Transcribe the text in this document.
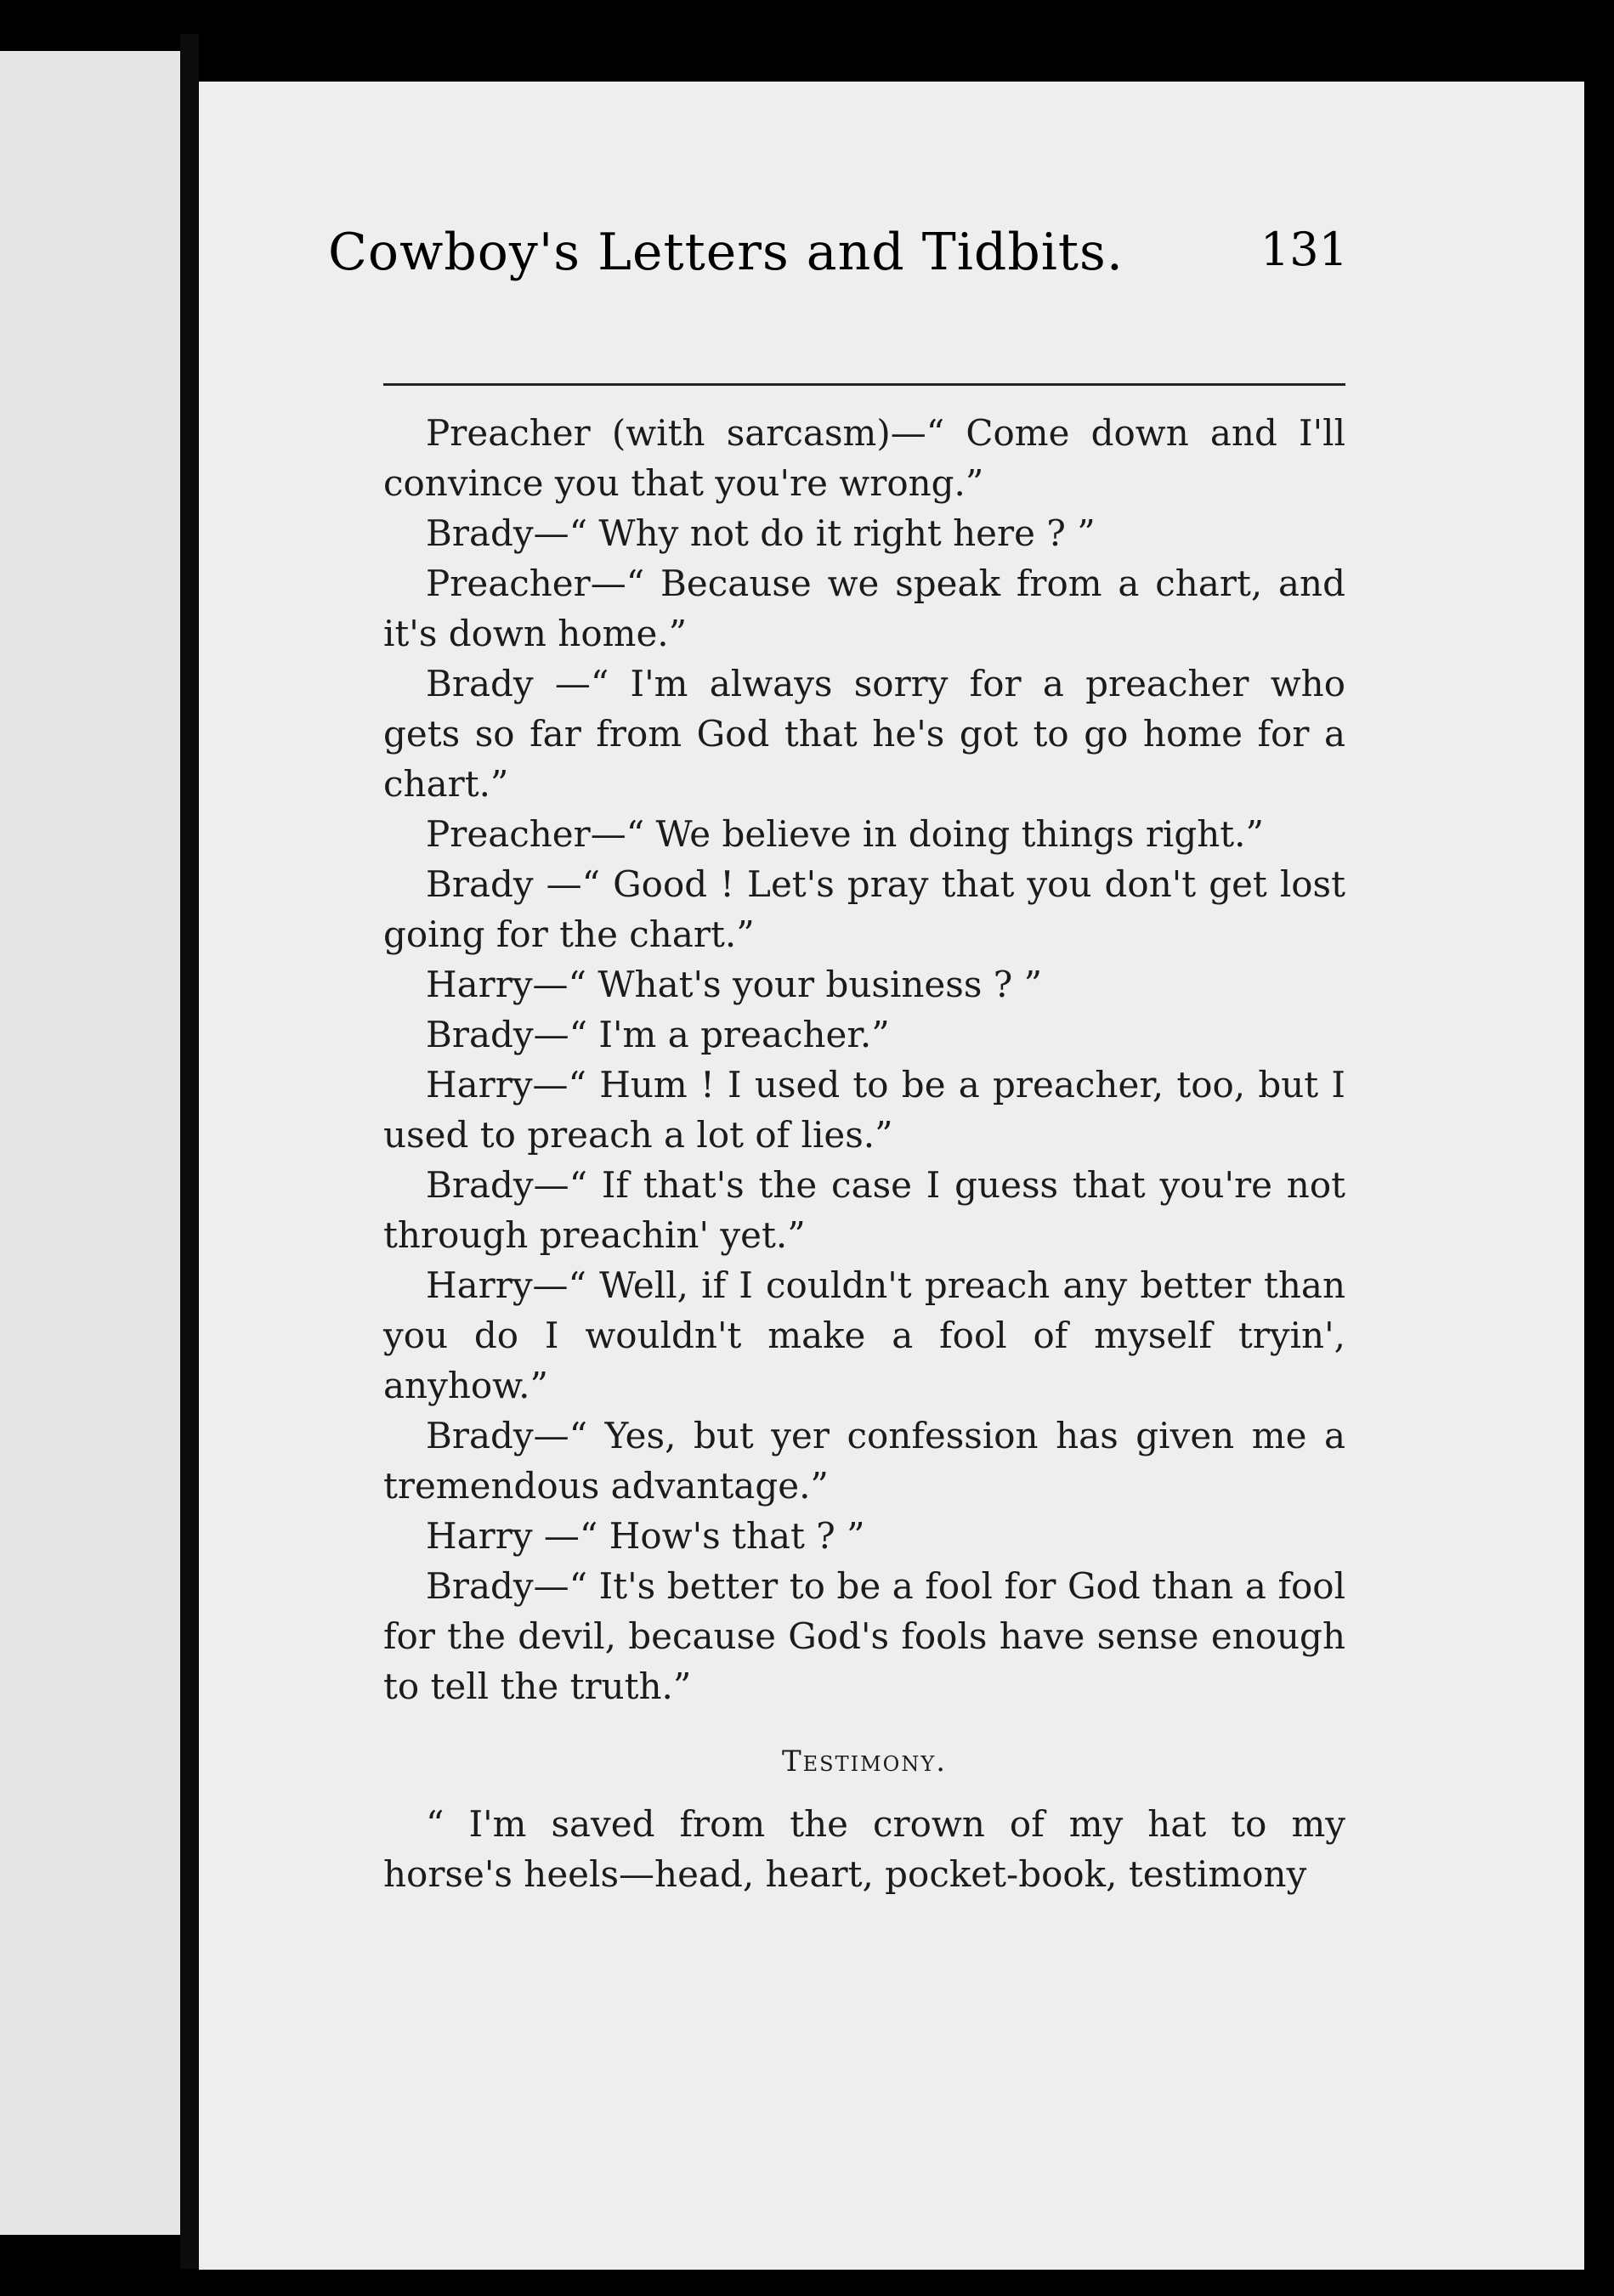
Cowboy's Letters and Tidbits.	131

Preacher (with sarcasm)—“ Come down and I'll convince you that you're wrong.”

Brady—“ Why not do it right here ? ”

Preacher—“ Because we speak from a chart, and it's down home.”

Brady —“ I'm always sorry for a preacher who gets so far from God that he's got to go home for a chart.”

Preacher—“ We believe in doing things right.”

Brady —“ Good ! Let's pray that you don't get lost going for the chart.”

Harry—“ What's your business ? ”

Brady—“ I'm a preacher.”

Harry—“ Hum ! I used to be a preacher, too, but I used to preach a lot of lies.”

Brady—“ If that's the case I guess that you're not through preachin' yet.”

Harry—“ Well, if I couldn't preach any better than you do I wouldn't make a fool of myself tryin', anyhow.”

Brady—“ Yes, but yer confession has given me a tremendous advantage.”

Harry —“ How's that ? ”

Brady—“ It's better to be a fool for God than a fool for the devil, because God's fools have sense enough to tell the truth.”

Testimony.

“ I'm saved from the crown of my hat to my horse's heels—head, heart, pocket-book, testimony
